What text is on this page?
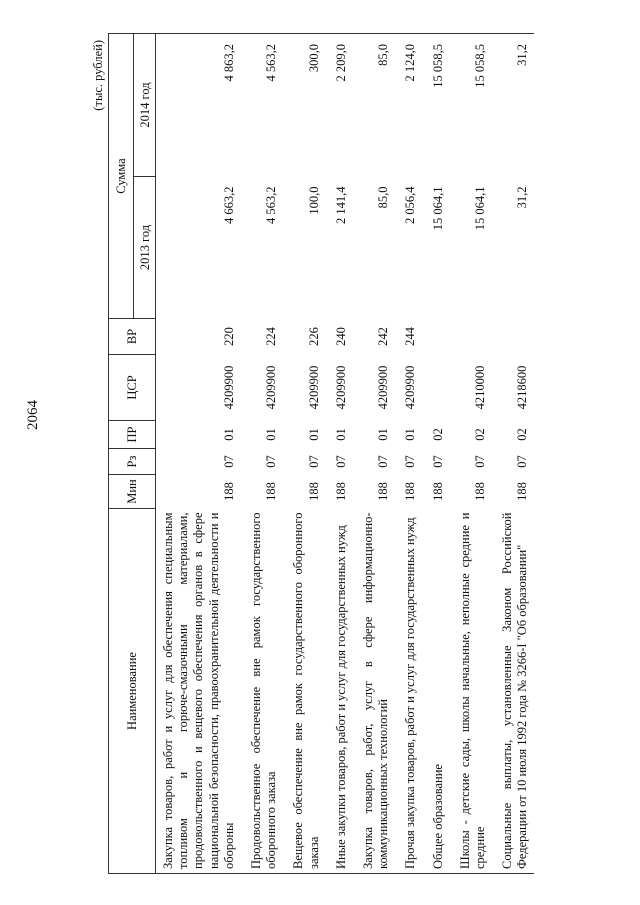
2064
(тыс. рублей)
Наименование	Мин	Рз	ПР	ЦСР	ВР	Сумма	
						2013 год	2014 год

Закупка товаров, работ и услуг для обеспечения специальным топливом и горюче-смазочными материалами, продовольственного и вещевого обеспечения органов в сфере национальной безопасности, правоохранительной деятельности и обороны	188	07	01	4209900	220	4 663,2	4 863,2
Продовольственное обеспечение вне рамок государственного оборонного заказа	188	07	01	4209900	224	4 563,2	4 563,2
Вещевое обеспечение вне рамок государственного оборонного заказа	188	07	01	4209900	226	100,0	300,0
Иные закупки товаров, работ и услуг для государственных нужд	188	07	01	4209900	240	2 141,4	2 209,0
Закупка товаров, работ, услуг в сфере информационно-коммуникационных технологий	188	07	01	4209900	242	85,0	85,0
Прочая закупка товаров, работ и услуг для государственных нужд	188	07	01	4209900	244	2 056,4	2 124,0
Общее образование	188	07	02			15 064,1	15 058,5
Школы - детские сады, школы начальные, неполные средние и средние	188	07	02	4210000		15 064,1	15 058,5
Социальные выплаты, установленные Законом Российской Федерации от 10 июля 1992 года № 3266-I "Об образовании"	188	07	02	4218600		31,2	31,2
